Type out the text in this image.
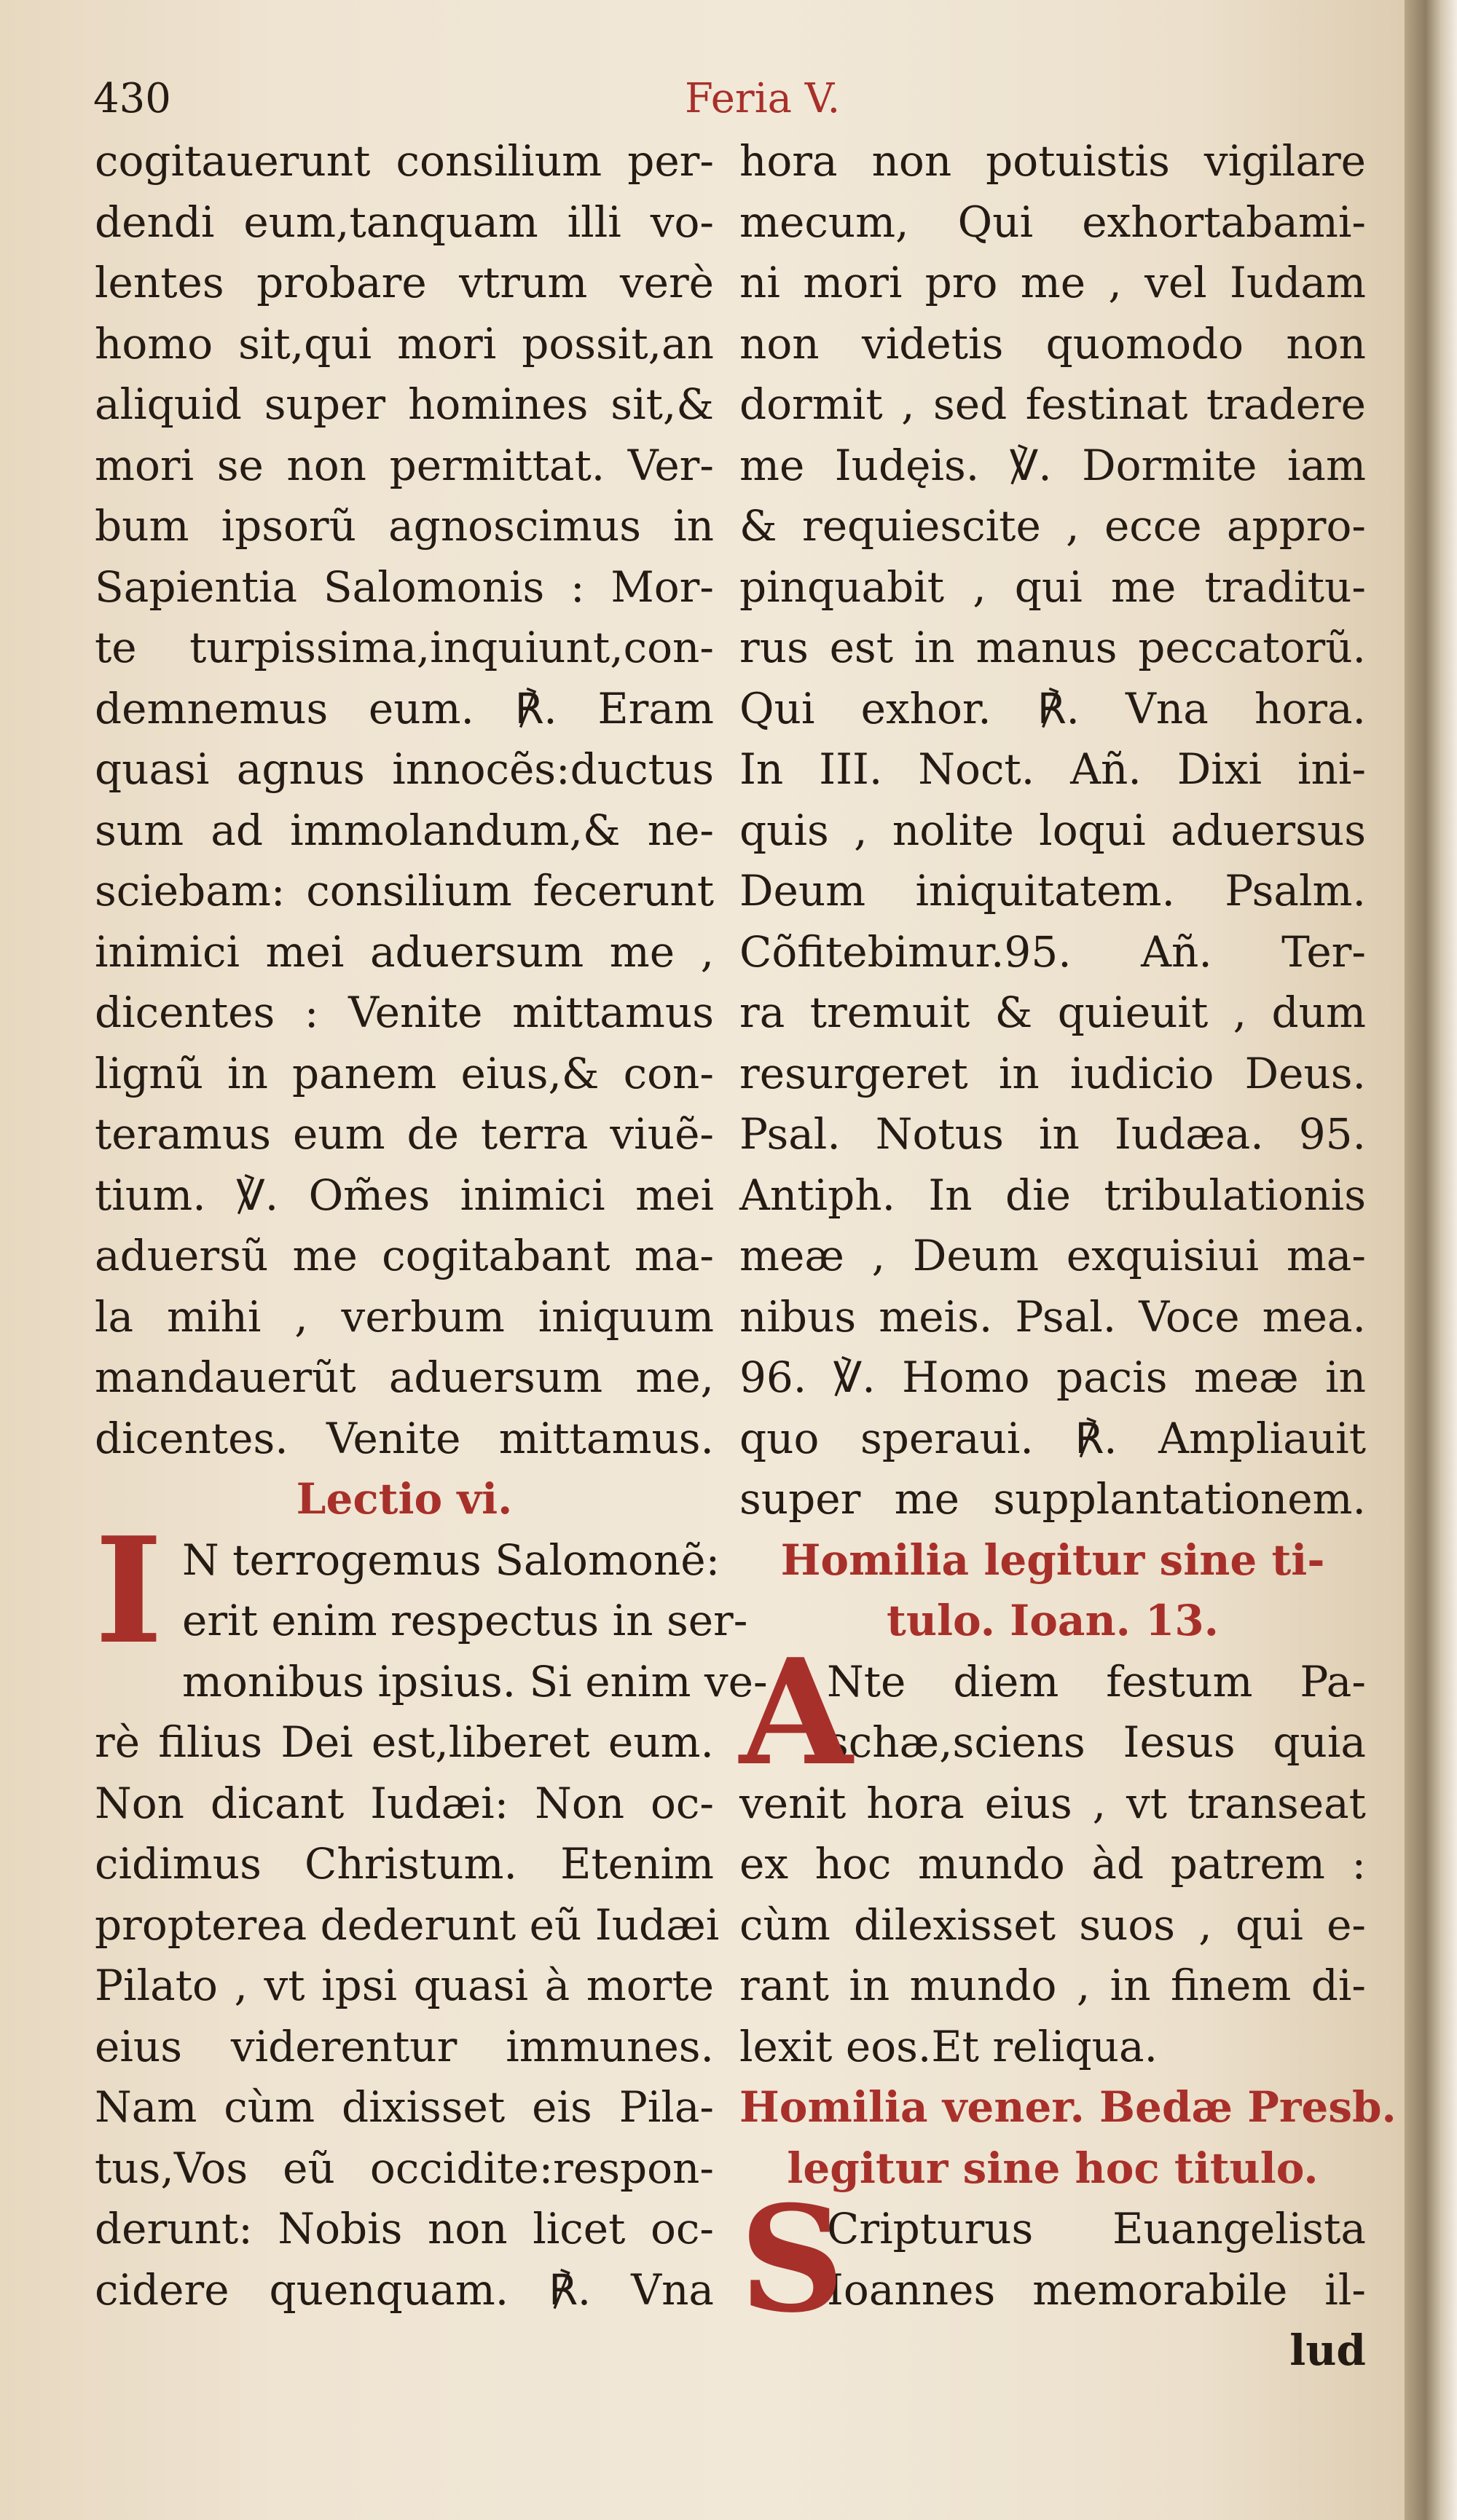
430	Feria V.
cogitauerunt consilium per-
dendi eum,tanquam illi vo-
lentes probare vtrum verè
homo sit,qui mori possit,an
aliquid super homines sit,&
mori se non permittat. Ver-
bum ipsorũ agnoscimus in
Sapientia Salomonis : Mor-
te turpissima,inquiunt,con-
demnemus eum. ℟. Eram
quasi agnus innocẽs:ductus
sum ad immolandum,& ne-
sciebam: consilium fecerunt
inimici mei aduersum me ,
dicentes : Venite mittamus
lignũ in panem eius,& con-
teramus eum de terra viuẽ-
tium. ℣. Om̃es inimici mei
aduersũ me cogitabant ma-
la mihi , verbum iniquum
mandauerũt aduersum me,
dicentes. Venite mittamus.
Lectio vi.
I N terrogemus Salomonẽ:
erit enim respectus in ser-
monibus ipsius. Si enim ve-
rè filius Dei est,liberet eum.
Non dicant Iudæi: Non oc-
cidimus Christum. Etenim
propterea dederunt eũ Iudæi
Pilato , vt ipsi quasi à morte
eius viderentur immunes.
Nam cùm dixisset eis Pila-
tus,Vos eũ occidite:respon-
derunt: Nobis non licet oc-
cidere quenquam. ℟. Vna
hora non potuistis vigilare
mecum, Qui exhortabami-
ni mori pro me , vel Iudam
non videtis quomodo non
dormit , sed festinat tradere
me Iudęis. ℣. Dormite iam
& requiescite , ecce appro-
pinquabit , qui me traditu-
rus est in manus peccatorũ.
Qui exhor. ℟. Vna hora.
In III. Noct. Añ. Dixi ini-
quis , nolite loqui aduersus
Deum iniquitatem. Psalm.
Cõfitebimur.95. Añ. Ter-
ra tremuit & quieuit , dum
resurgeret in iudicio Deus.
Psal. Notus in Iudæa. 95.
Antiph. In die tribulationis
meæ , Deum exquisiui ma-
nibus meis. Psal. Voce mea.
96. ℣. Homo pacis meæ in
quo speraui. ℟. Ampliauit
super me supplantationem.
Homilia legitur sine ti-
tulo. Ioan. 13.
A
Nte diem festum Pa-
schæ,sciens Iesus quia
venit hora eius , vt transeat
ex hoc mundo àd patrem :
cùm dilexisset suos , qui e-
rant in mundo , in finem di-
lexit eos.Et reliqua.
Homilia vener. Bedæ Presb.
legitur sine hoc titulo.
S
Cripturus Euangelista
Ioannes memorabile il-
lud
